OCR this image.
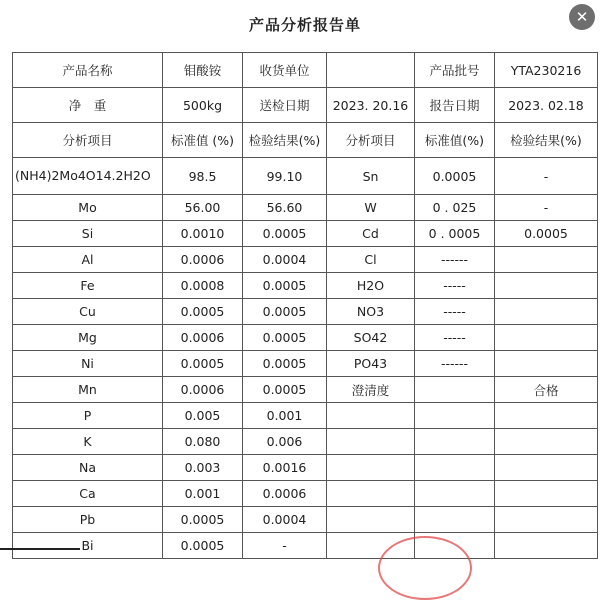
产品分析报告单	✕
产品名称	钼酸铵	收货单位		产品批号	YTA230216
净　重	500kg	送检日期	2023. 20.16	报告日期	2023. 02.18
分析项目	标准值 (%)	检验结果(%)	分析项目	标准值(%)	检验结果(%)
(NH4)2Mo4O14.2H2O	98.5	99.10	Sn	0.0005	-
Mo	56.00	56.60	W	0 . 025	-
Si	0.0010	0.0005	Cd	0 . 0005	0.0005
Al	0.0006	0.0004	Cl	------	
Fe	0.0008	0.0005	H2O	-----	
Cu	0.0005	0.0005	NO3	-----	
Mg	0.0006	0.0005	SO42	-----	
Ni	0.0005	0.0005	PO43	------	
Mn	0.0006	0.0005	澄清度		合格
P	0.005	0.001			
K	0.080	0.006			
Na	0.003	0.0016			
Ca	0.001	0.0006			
Pb	0.0005	0.0004			
Bi	0.0005	-			
